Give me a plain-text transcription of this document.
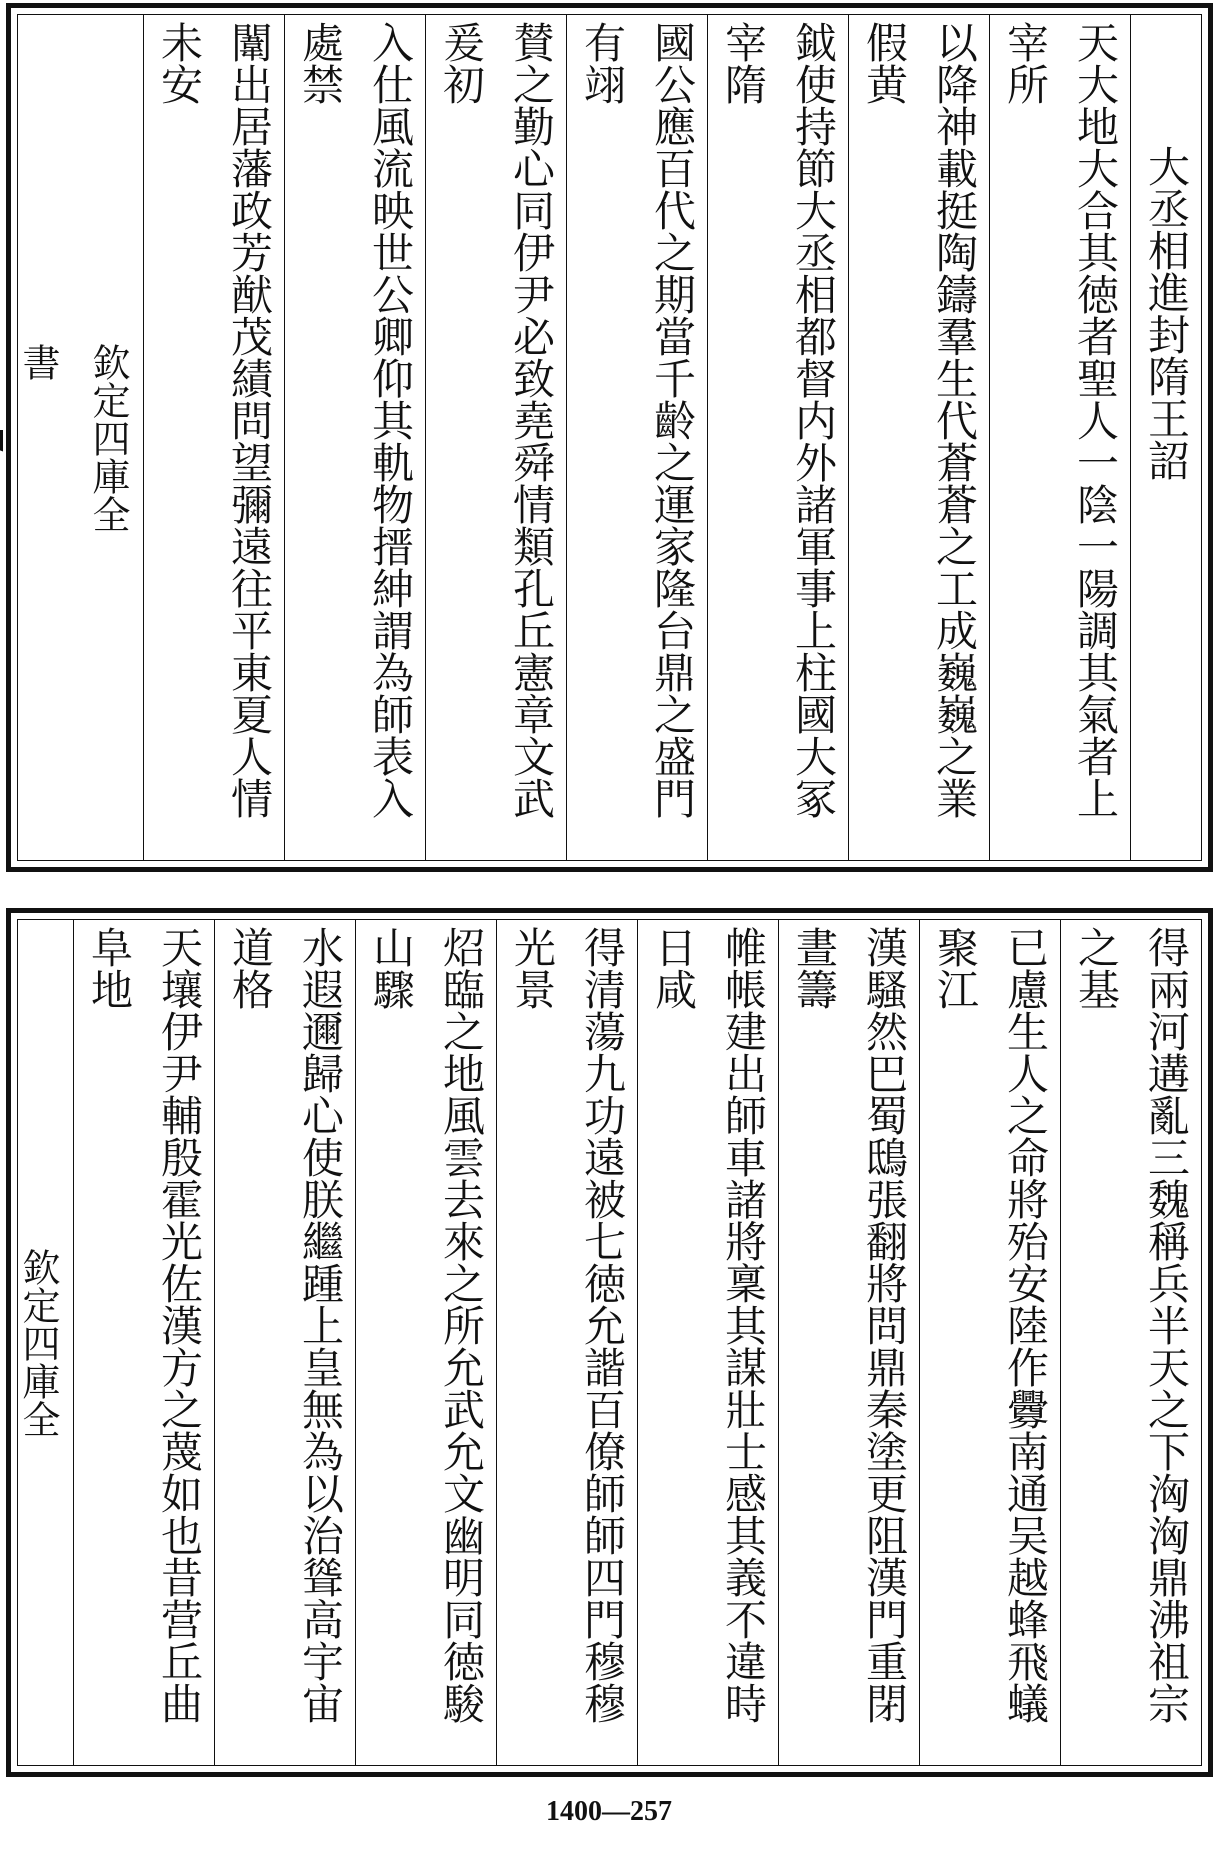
大丞相進封隋王詔
天大地大合其徳者聖人一陰一陽調其氣者上宰所
以降神載挺陶鑄羣生代蒼蒼之工成巍巍之業假黄
鉞使持節大丞相都督内外諸軍事上柱國大冢宰隋
國公應百代之期當千齡之運家隆台鼎之盛門有翊
賛之勤心同伊尹必致堯舜情類孔丘憲章文武爰初
入仕風流映世公卿仰其軌物搢紳謂為師表入處禁
闈出居藩政芳猷茂績問望彌遠往平東夏人情未安
欽定四庫全書
得兩河遘亂三魏稱兵半天之下洶洶鼎沸祖宗之基
已慮生人之命將殆安陸作釁南通吴越蜂飛蟻聚江
漢騷然巴蜀鴟張翻將問鼎秦塗更阻漢門重閉晝籌
帷帳建出師車諸將稟其謀壯士感其義不違時日咸
得清蕩九功遠被七徳允諧百僚師師四門穆穆光景
炤臨之地風雲去來之所允武允文幽明同徳駿山驟
水遐邇歸心使朕繼踵上皇無為以治聳高宇宙道格
天壤伊尹輔殷霍光佐漢方之蔑如也昔营丘曲阜地
欽定四庫全
1400—257
